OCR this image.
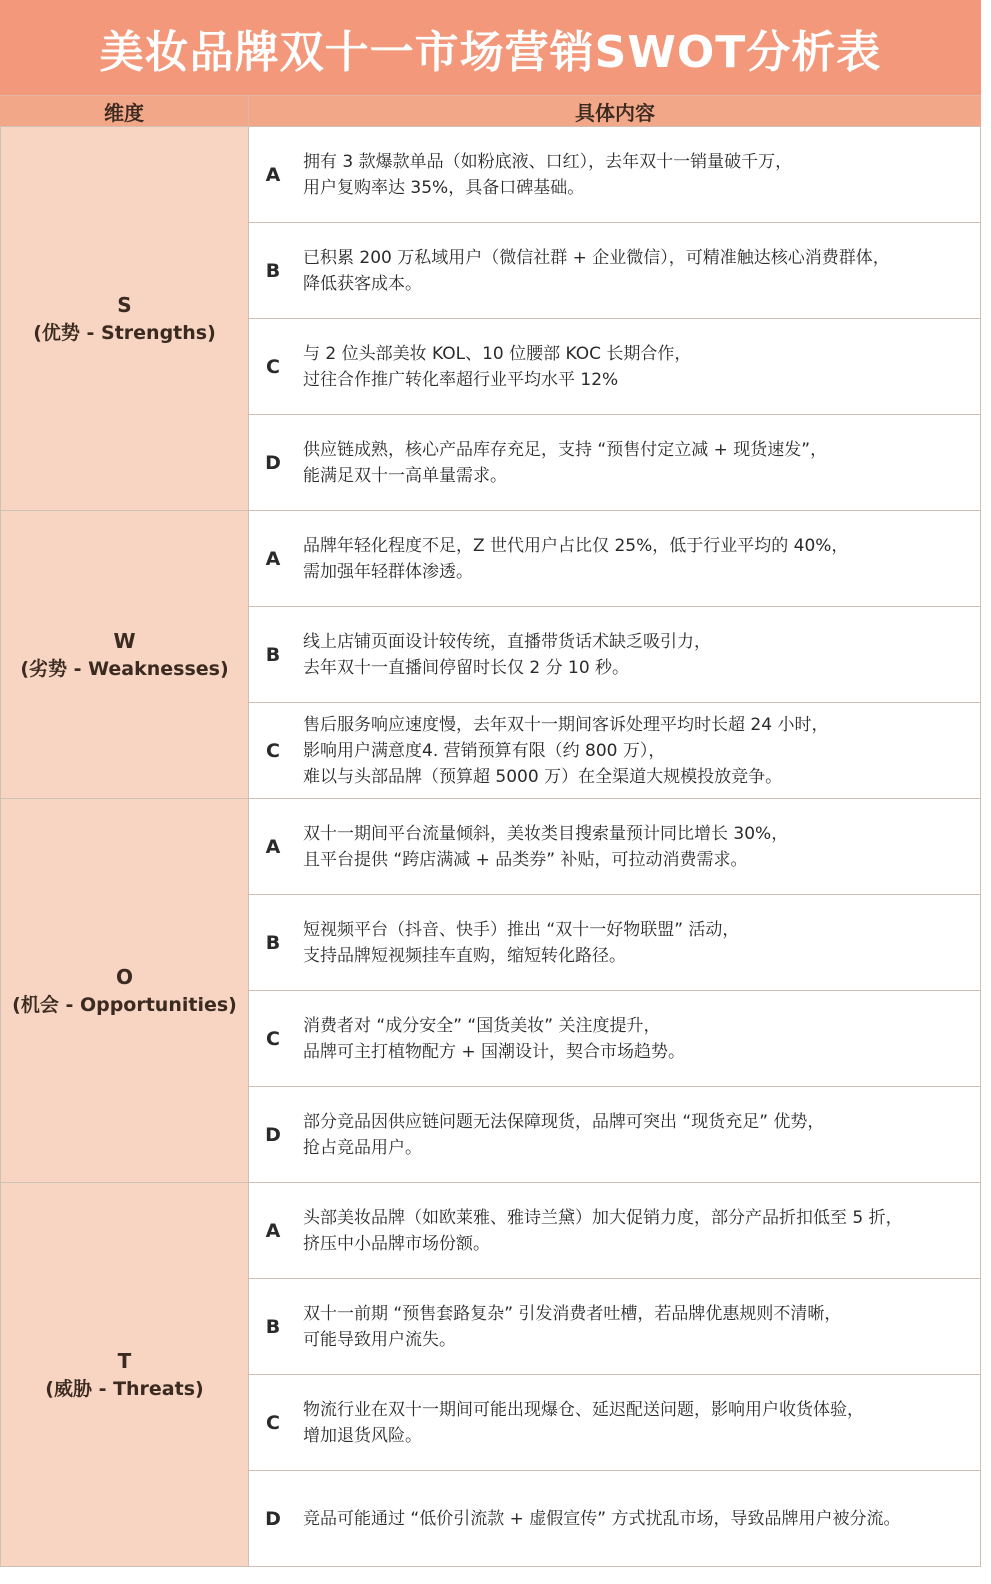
美妆品牌双十一市场营销SWOT分析表
维度	具体内容
S
(优势 - Strengths)
A
拥有 3 款爆款单品（如粉底液、口红），去年双十一销量破千万，
用户复购率达 35%，具备口碑基础。
B
已积累 200 万私域用户（微信社群 + 企业微信），可精准触达核心消费群体，
降低获客成本。
C
与 2 位头部美妆 KOL、10 位腰部 KOC 长期合作，
过往合作推广转化率超行业平均水平 12%
D
供应链成熟，核心产品库存充足，支持 “预售付定立减 + 现货速发”，
能满足双十一高单量需求。
W
(劣势 - Weaknesses)
A
品牌年轻化程度不足，Z 世代用户占比仅 25%，低于行业平均的 40%，
需加强年轻群体渗透。
B
线上店铺页面设计较传统，直播带货话术缺乏吸引力，
去年双十一直播间停留时长仅 2 分 10 秒。
C
售后服务响应速度慢，去年双十一期间客诉处理平均时长超 24 小时，
影响用户满意度4. 营销预算有限（约 800 万），
难以与头部品牌（预算超 5000 万）在全渠道大规模投放竞争。
O
(机会 - Opportunities)
A
双十一期间平台流量倾斜，美妆类目搜索量预计同比增长 30%，
且平台提供 “跨店满减 + 品类券” 补贴，可拉动消费需求。
B
短视频平台（抖音、快手）推出 “双十一好物联盟” 活动，
支持品牌短视频挂车直购，缩短转化路径。
C
消费者对 “成分安全” “国货美妆” 关注度提升，
品牌可主打植物配方 + 国潮设计，契合市场趋势。
D
部分竞品因供应链问题无法保障现货，品牌可突出 “现货充足” 优势，
抢占竞品用户。
T
(威胁 - Threats)
A
头部美妆品牌（如欧莱雅、雅诗兰黛）加大促销力度，部分产品折扣低至 5 折，
挤压中小品牌市场份额。
B
双十一前期 “预售套路复杂” 引发消费者吐槽，若品牌优惠规则不清晰，
可能导致用户流失。
C
物流行业在双十一期间可能出现爆仓、延迟配送问题，影响用户收货体验，
增加退货风险。
D	竞品可能通过 “低价引流款 + 虚假宣传” 方式扰乱市场，导致品牌用户被分流。
